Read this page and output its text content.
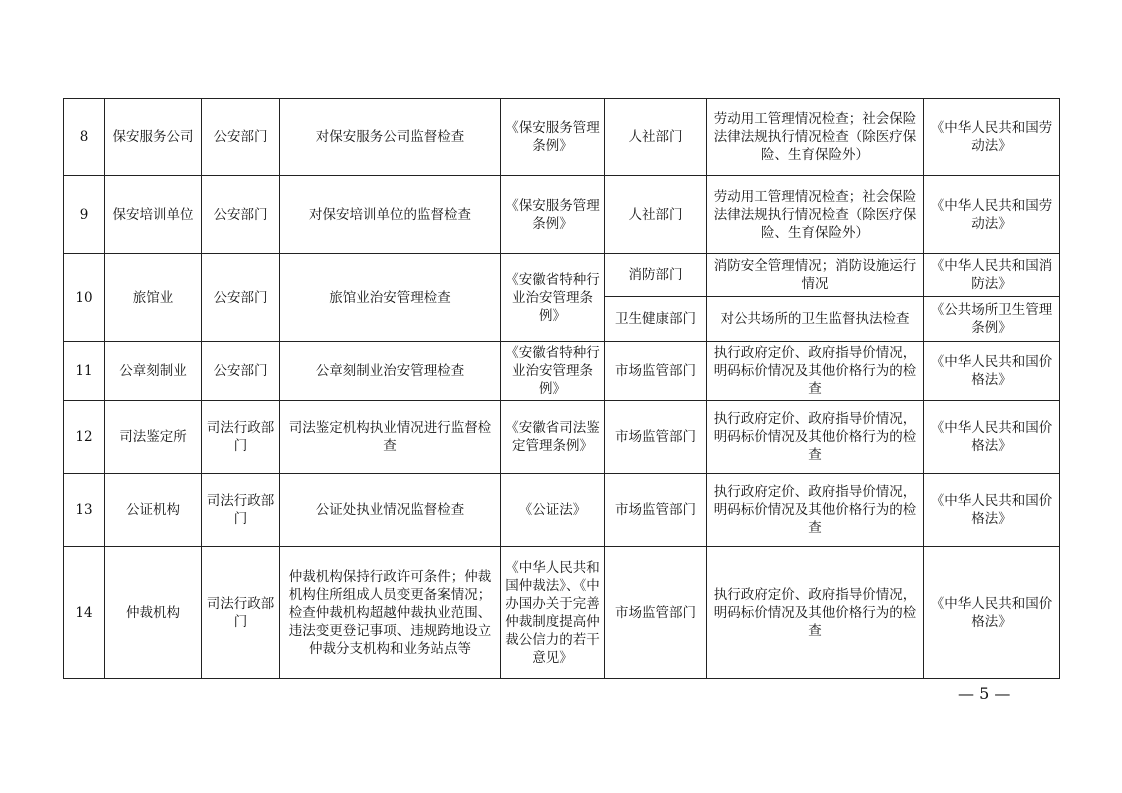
8	保安服务公司	公安部门	对保安服务公司监督检查	《保安服务管理条例》	人社部门	劳动用工管理情况检查；社会保险法律法规执行情况检查（除医疗保险、生育保险外）	《中华人民共和国劳动法》
9	保安培训单位	公安部门	对保安培训单位的监督检查	《保安服务管理条例》	人社部门	劳动用工管理情况检查；社会保险法律法规执行情况检查（除医疗保险、生育保险外）	《中华人民共和国劳动法》
10	旅馆业	公安部门	旅馆业治安管理检查	《安徽省特种行业治安管理条例》	消防部门	消防安全管理情况；消防设施运行情况	《中华人民共和国消防法》
					卫生健康部门	对公共场所的卫生监督执法检查	《公共场所卫生管理条例》
11	公章刻制业	公安部门	公章刻制业治安管理检查	《安徽省特种行业治安管理条例》	市场监管部门	执行政府定价、政府指导价情况，明码标价情况及其他价格行为的检查	《中华人民共和国价格法》
12	司法鉴定所	司法行政部门	司法鉴定机构执业情况进行监督检查	《安徽省司法鉴定管理条例》	市场监管部门	执行政府定价、政府指导价情况，明码标价情况及其他价格行为的检查	《中华人民共和国价格法》
13	公证机构	司法行政部门	公证处执业情况监督检查	《公证法》	市场监管部门	执行政府定价、政府指导价情况，明码标价情况及其他价格行为的检查	《中华人民共和国价格法》
14	仲裁机构	司法行政部门	仲裁机构保持行政许可条件；仲裁机构住所组成人员变更备案情况；检查仲裁机构超越仲裁执业范围、违法变更登记事项、违规跨地设立仲裁分支机构和业务站点等	《中华人民共和国仲裁法》、《中办国办关于完善仲裁制度提高仲裁公信力的若干意见》	市场监管部门	执行政府定价、政府指导价情况，明码标价情况及其他价格行为的检查	《中华人民共和国价格法》
— 5 —
